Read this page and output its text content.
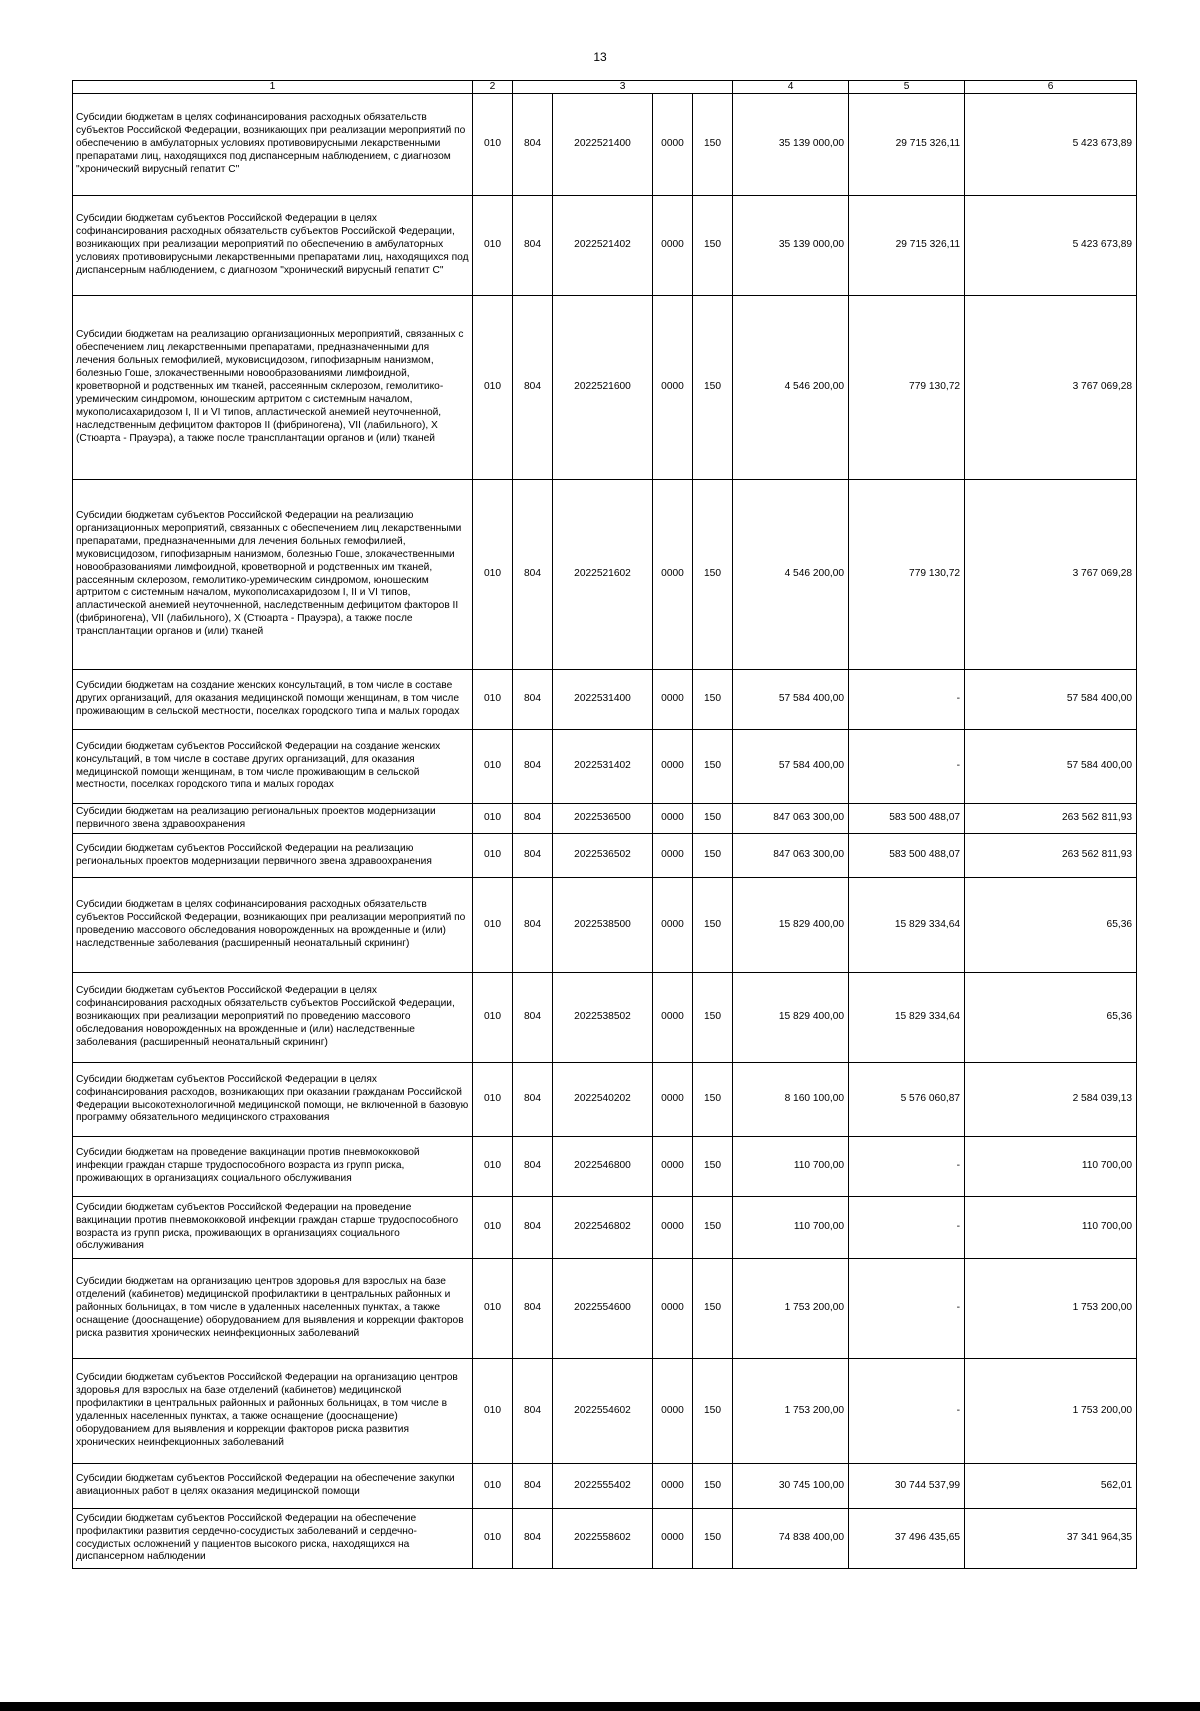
13
1	2	3				4	5	6
Субсидии бюджетам в целях софинансирования расходных обязательств субъектов Российской Федерации, возникающих при реализации мероприятий по обеспечению в амбулаторных условиях противовирусными лекарственными препаратами лиц, находящихся под диспансерным наблюдением, с диагнозом "хронический вирусный гепатит С"	010	804	2022521400	0000	150	35 139 000,00	29 715 326,11	5 423 673,89
Субсидии бюджетам субъектов Российской Федерации в целях софинансирования расходных обязательств субъектов Российской Федерации, возникающих при реализации мероприятий по обеспечению в амбулаторных условиях противовирусными лекарственными препаратами лиц, находящихся под диспансерным наблюдением, с диагнозом "хронический вирусный гепатит С"	010	804	2022521402	0000	150	35 139 000,00	29 715 326,11	5 423 673,89
Субсидии бюджетам на реализацию организационных мероприятий, связанных с обеспечением лиц лекарственными препаратами, предназначенными для лечения больных гемофилией, муковисцидозом, гипофизарным нанизмом, болезнью Гоше, злокачественными новообразованиями лимфоидной, кроветворной и родственных им тканей, рассеянным склерозом, гемолитико-уремическим синдромом, юношеским артритом с системным началом, мукополисахаридозом I, II и VI типов, апластической анемией неуточненной, наследственным дефицитом факторов II (фибриногена), VII (лабильного), X (Стюарта - Прауэра), а также после трансплантации органов и (или) тканей	010	804	2022521600	0000	150	4 546 200,00	779 130,72	3 767 069,28
Субсидии бюджетам субъектов Российской Федерации на реализацию организационных мероприятий, связанных с обеспечением лиц лекарственными препаратами, предназначенными для лечения больных гемофилией, муковисцидозом, гипофизарным нанизмом, болезнью Гоше, злокачественными новообразованиями лимфоидной, кроветворной и родственных им тканей, рассеянным склерозом, гемолитико-уремическим синдромом, юношеским артритом с системным началом, мукополисахаридозом I, II и VI типов, апластической анемией неуточненной, наследственным дефицитом факторов II (фибриногена), VII (лабильного), X (Стюарта - Прауэра), а также после трансплантации органов и (или) тканей	010	804	2022521602	0000	150	4 546 200,00	779 130,72	3 767 069,28
Субсидии бюджетам на создание женских консультаций, в том числе в составе других организаций, для оказания медицинской помощи женщинам, в том числе проживающим в сельской местности, поселках городского типа и малых городах	010	804	2022531400	0000	150	57 584 400,00	-	57 584 400,00
Субсидии бюджетам субъектов Российской Федерации на создание женских консультаций, в том числе в составе других организаций, для оказания медицинской помощи женщинам, в том числе проживающим в сельской местности, поселках городского типа и малых городах	010	804	2022531402	0000	150	57 584 400,00	-	57 584 400,00
Субсидии бюджетам на реализацию региональных проектов модернизации первичного звена здравоохранения	010	804	2022536500	0000	150	847 063 300,00	583 500 488,07	263 562 811,93
Субсидии бюджетам субъектов Российской Федерации на реализацию региональных проектов модернизации первичного звена здравоохранения	010	804	2022536502	0000	150	847 063 300,00	583 500 488,07	263 562 811,93
Субсидии бюджетам в целях софинансирования расходных обязательств субъектов Российской Федерации, возникающих при реализации мероприятий по проведению массового обследования новорожденных на врожденные и (или) наследственные заболевания (расширенный неонатальный скрининг)	010	804	2022538500	0000	150	15 829 400,00	15 829 334,64	65,36
Субсидии бюджетам субъектов Российской Федерации в целях софинансирования расходных обязательств субъектов Российской Федерации, возникающих при реализации мероприятий по проведению массового обследования новорожденных на врожденные и (или) наследственные заболевания (расширенный неонатальный скрининг)	010	804	2022538502	0000	150	15 829 400,00	15 829 334,64	65,36
Субсидии бюджетам субъектов Российской Федерации в целях софинансирования расходов, возникающих при оказании гражданам Российской Федерации высокотехнологичной медицинской помощи, не включенной в базовую программу обязательного медицинского страхования	010	804	2022540202	0000	150	8 160 100,00	5 576 060,87	2 584 039,13
Субсидии бюджетам на проведение вакцинации против пневмококковой инфекции граждан старше трудоспособного возраста из групп риска, проживающих в организациях социального обслуживания	010	804	2022546800	0000	150	110 700,00	-	110 700,00
Субсидии бюджетам субъектов Российской Федерации на проведение вакцинации против пневмококковой инфекции граждан старше трудоспособного возраста из групп риска, проживающих в организациях социального обслуживания	010	804	2022546802	0000	150	110 700,00	-	110 700,00
Субсидии бюджетам на организацию центров здоровья для взрослых на базе отделений (кабинетов) медицинской профилактики в центральных районных и районных больницах, в том числе в удаленных населенных пунктах, а также оснащение (дооснащение) оборудованием для выявления и коррекции факторов риска развития хронических неинфекционных заболеваний	010	804	2022554600	0000	150	1 753 200,00	-	1 753 200,00
Субсидии бюджетам субъектов Российской Федерации на организацию центров здоровья для взрослых на базе отделений (кабинетов) медицинской профилактики в центральных районных и районных больницах, в том числе в удаленных населенных пунктах, а также оснащение (дооснащение) оборудованием для выявления и коррекции факторов риска развития хронических неинфекционных заболеваний	010	804	2022554602	0000	150	1 753 200,00	-	1 753 200,00
Субсидии бюджетам субъектов Российской Федерации на обеспечение закупки авиационных работ в целях оказания медицинской помощи	010	804	2022555402	0000	150	30 745 100,00	30 744 537,99	562,01
Субсидии бюджетам субъектов Российской Федерации на обеспечение профилактики развития сердечно-сосудистых заболеваний и сердечно-сосудистых осложнений у пациентов высокого риска, находящихся на диспансерном наблюдении	010	804	2022558602	0000	150	74 838 400,00	37 496 435,65	37 341 964,35
